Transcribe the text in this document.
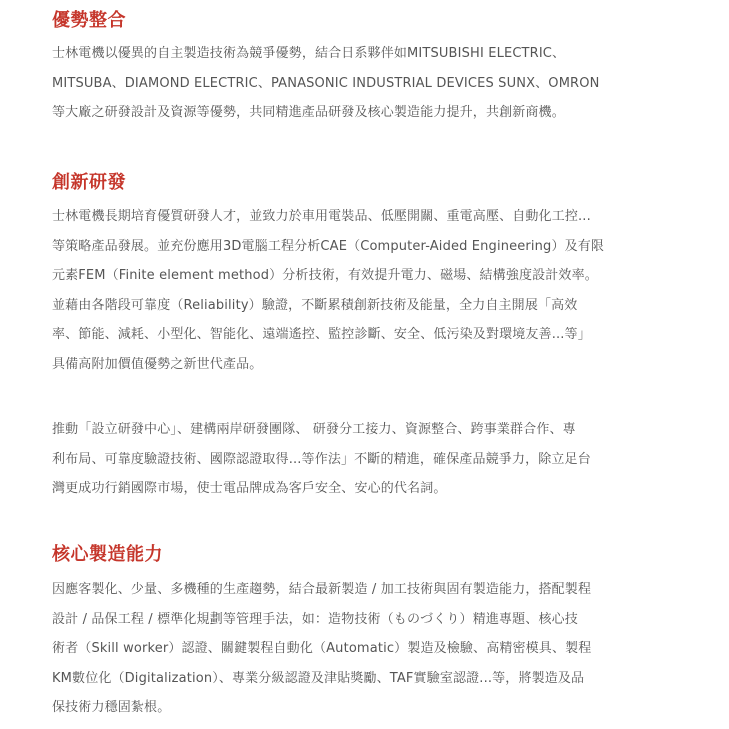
優勢整合

士林電機以優異的自主製造技術為競爭優勢，結合日系夥伴如MITSUBISHI ELECTRIC、
MITSUBA、DIAMOND ELECTRIC、PANASONIC INDUSTRIAL DEVICES SUNX、OMRON
等大廠之研發設計及資源等優勢，共同精進產品研發及核心製造能力提升，共創新商機。

創新研發

士林電機長期培育優質研發人才，並致力於車用電裝品、低壓開關、重電高壓、自動化工控...
等策略產品發展。並充份應用3D電腦工程分析CAE（Computer-Aided Engineering）及有限
元素FEM（Finite element method）分析技術，有效提升電力、磁場、結構強度設計效率。
並藉由各階段可靠度（Reliability）驗證，不斷累積創新技術及能量，全力自主開展「高效
率、節能、減耗、小型化、智能化、遠端遙控、監控診斷、安全、低污染及對環境友善...等」
具備高附加價值優勢之新世代產品。

推動「設立研發中心」、建構兩岸研發團隊、 研發分工接力、資源整合、跨事業群合作、專
利布局、可靠度驗證技術、國際認證取得...等作法」不斷的精進，確保產品競爭力，除立足台
灣更成功行銷國際市場，使士電品牌成為客戶安全、安心的代名詞。

核心製造能力

因應客製化、少量、多機種的生產趨勢，結合最新製造 / 加工技術與固有製造能力，搭配製程
設計 / 品保工程 / 標準化規劃等管理手法，如：造物技術（ものづくり）精進專題、核心技
術者（Skill worker）認證、關鍵製程自動化（Automatic）製造及檢驗、高精密模具、製程
KM數位化（Digitalization）、專業分級認證及津貼獎勵、TAF實驗室認證...等，將製造及品
保技術力穩固紮根。
